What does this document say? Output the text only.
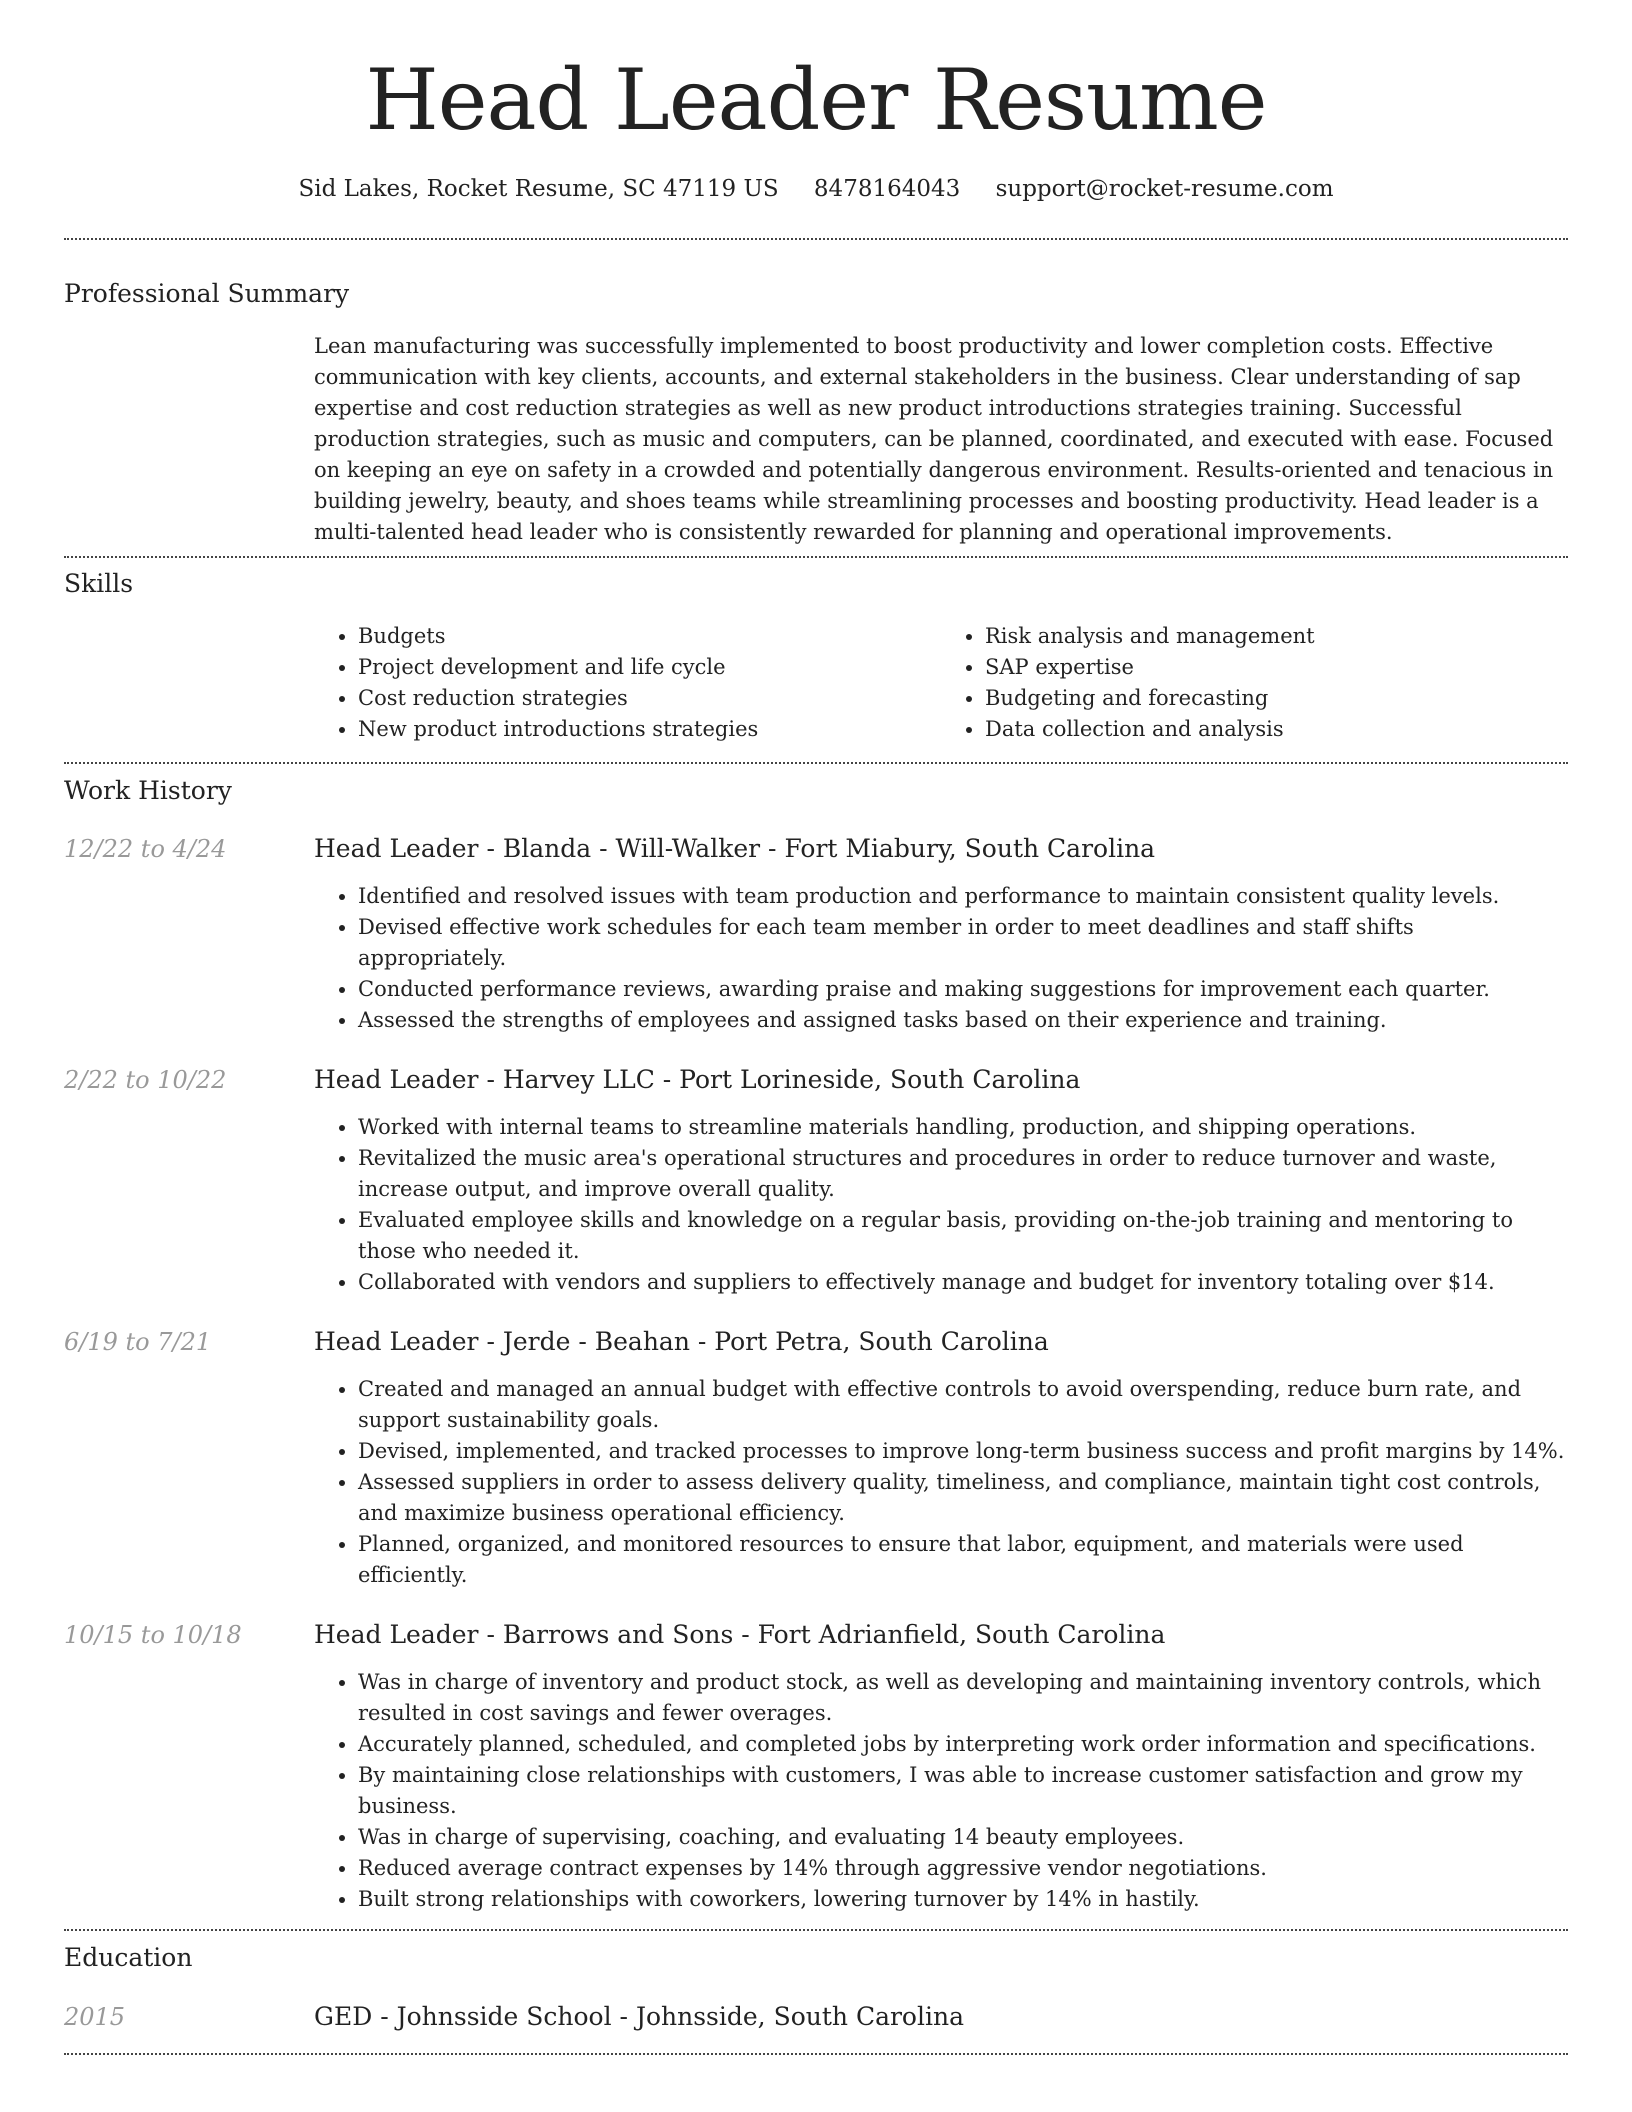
Head Leader Resume
Sid Lakes, Rocket Resume, SC 47119 US 8478164043 support@rocket-resume.com
Professional Summary

Lean manufacturing was successfully implemented to boost productivity and lower completion costs. Effective communication with key clients, accounts, and external stakeholders in the business. Clear understanding of sap expertise and cost reduction strategies as well as new product introductions strategies training. Successful production strategies, such as music and computers, can be planned, coordinated, and executed with ease. Focused on keeping an eye on safety in a crowded and potentially dangerous environment. Results-oriented and tenacious in building jewelry, beauty, and shoes teams while streamlining processes and boosting productivity. Head leader is a multi-talented head leader who is consistently rewarded for planning and operational improvements.

Skills
• Budgets
• Project development and life cycle
• Cost reduction strategies
• New product introductions strategies
• Risk analysis and management
• SAP expertise
• Budgeting and forecasting
• Data collection and analysis
Work History
12/22 to 4/24	Head Leader - Blanda - Will-Walker - Fort Miabury, South Carolina
• Identified and resolved issues with team production and performance to maintain consistent quality levels.
• Devised effective work schedules for each team member in order to meet deadlines and staff shifts appropriately.
• Conducted performance reviews, awarding praise and making suggestions for improvement each quarter.
• Assessed the strengths of employees and assigned tasks based on their experience and training.
2/22 to 10/22	Head Leader - Harvey LLC - Port Lorineside, South Carolina
• Worked with internal teams to streamline materials handling, production, and shipping operations.
• Revitalized the music area's operational structures and procedures in order to reduce turnover and waste, increase output, and improve overall quality.
• Evaluated employee skills and knowledge on a regular basis, providing on-the-job training and mentoring to those who needed it.
• Collaborated with vendors and suppliers to effectively manage and budget for inventory totaling over $14.
6/19 to 7/21	Head Leader - Jerde - Beahan - Port Petra, South Carolina
• Created and managed an annual budget with effective controls to avoid overspending, reduce burn rate, and support sustainability goals.
• Devised, implemented, and tracked processes to improve long-term business success and profit margins by 14%.
• Assessed suppliers in order to assess delivery quality, timeliness, and compliance, maintain tight cost controls, and maximize business operational efficiency.
• Planned, organized, and monitored resources to ensure that labor, equipment, and materials were used efficiently.
10/15 to 10/18	Head Leader - Barrows and Sons - Fort Adrianfield, South Carolina
• Was in charge of inventory and product stock, as well as developing and maintaining inventory controls, which resulted in cost savings and fewer overages.
• Accurately planned, scheduled, and completed jobs by interpreting work order information and specifications.
• By maintaining close relationships with customers, I was able to increase customer satisfaction and grow my business.
• Was in charge of supervising, coaching, and evaluating 14 beauty employees.
• Reduced average contract expenses by 14% through aggressive vendor negotiations.
• Built strong relationships with coworkers, lowering turnover by 14% in hastily.
Education
2015	GED - Johnsside School - Johnsside, South Carolina
